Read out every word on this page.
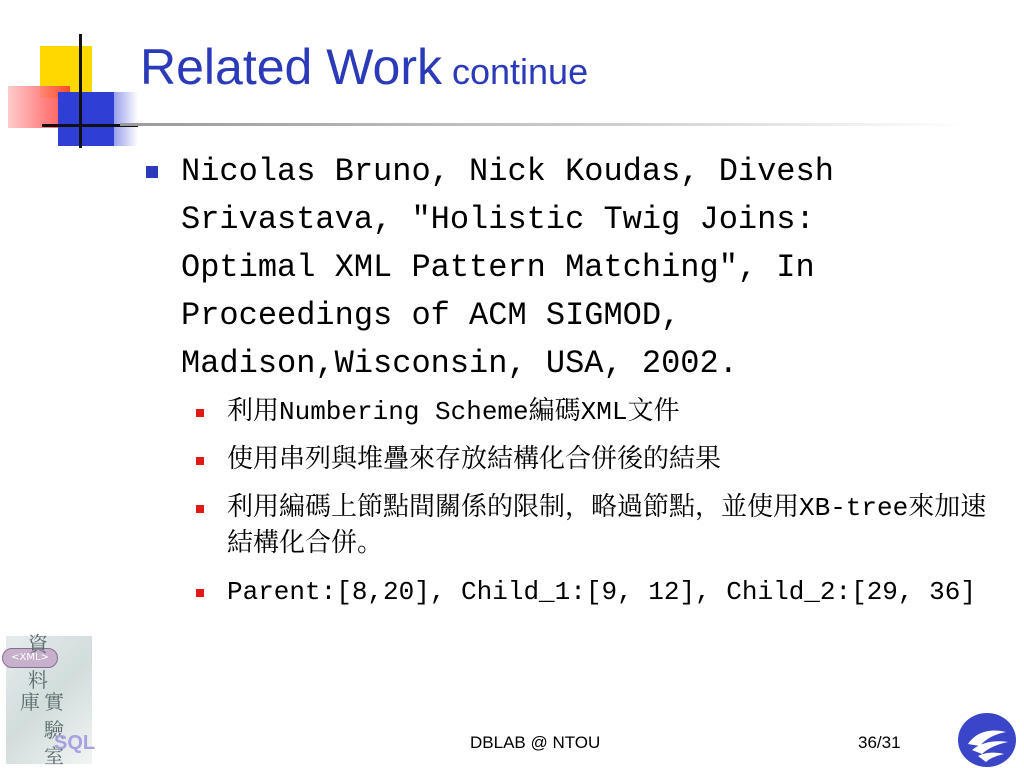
Related Work continue
Nicolas Bruno, Nick Koudas, Divesh Srivastava, "Holistic Twig Joins: Optimal XML Pattern Matching", In Proceedings of ACM SIGMOD, Madison,Wisconsin, USA, 2002.
利用Numbering Scheme編碼XML文件
使用串列與堆疊來存放結構化合併後的結果
利用編碼上節點間關係的限制，略過節點，並使用XB-tree來加速結構化合併。
Parent:[8,20], Child_1:[9, 12], Child_2:[29, 36]
<XML>
資
料
庫 實
驗
室
SQL	DBLAB @ NTOU	36/31
